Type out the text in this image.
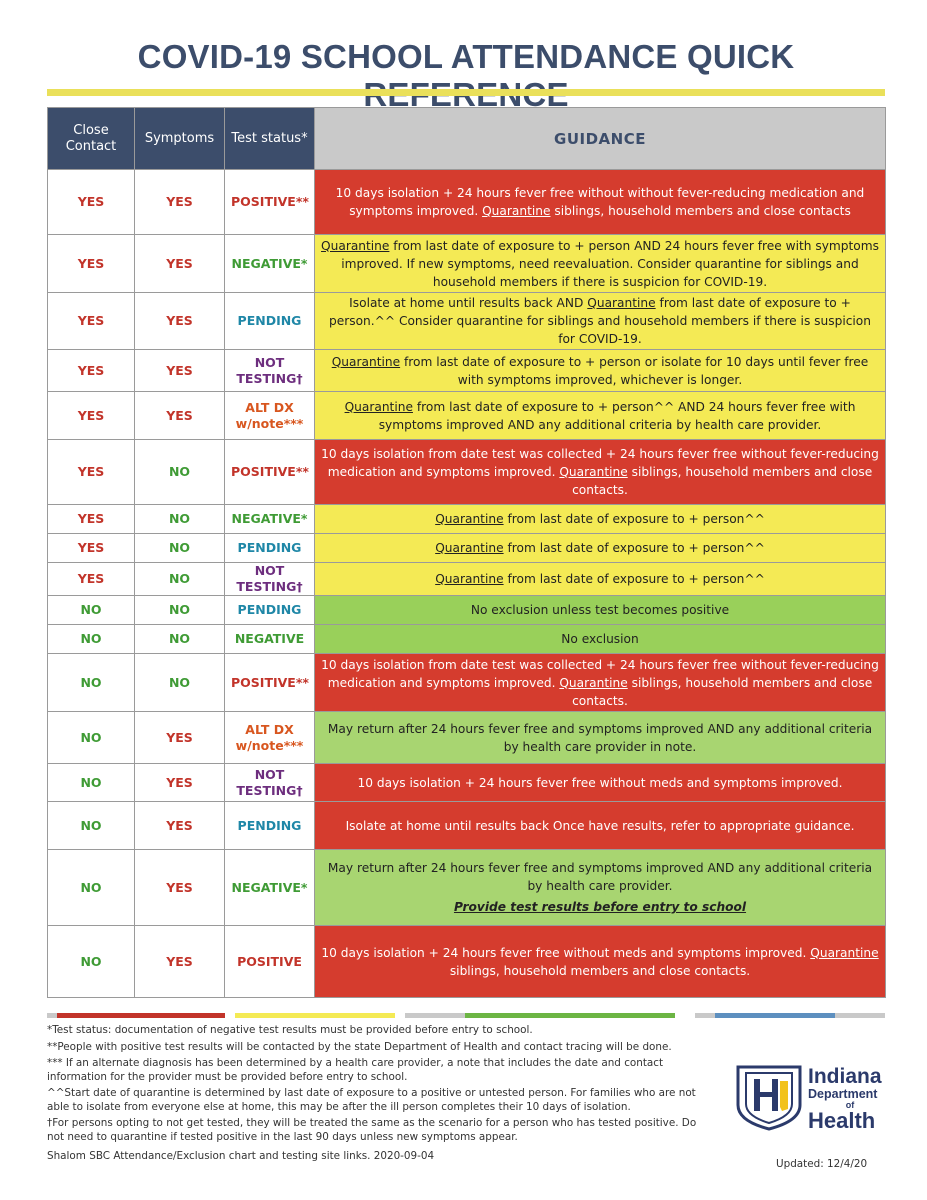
COVID-19 SCHOOL ATTENDANCE QUICK
Close Contact	Symptoms	Test status*	GUIDANCE
YES	YES	POSITIVE**	10 days isolation + 24 hours fever free without without fever-reducing medication and symptoms improved. Quarantine siblings, household members and close contacts
YES	YES	NEGATIVE*	Quarantine from last date of exposure to + person AND 24 hours fever free with symptoms improved. If new symptoms, need reevaluation. Consider quarantine for siblings and household members if there is suspicion for COVID-19.
YES	YES	PENDING	Isolate at home until results back AND Quarantine from last date of exposure to + person.^^ Consider quarantine for siblings and household members if there is suspicion for COVID-19.
YES	YES	NOT TESTING†	Quarantine from last date of exposure to + person or isolate for 10 days until fever free with symptoms improved, whichever is longer.
YES	YES	ALT DX w/note***	Quarantine from last date of exposure to + person^^ AND 24 hours fever free with symptoms improved AND any additional criteria by health care provider.
YES	NO	POSITIVE**	10 days isolation from date test was collected + 24 hours fever free without fever-reducing medication and symptoms improved. Quarantine siblings, household members and close contacts.
YES	NO	NEGATIVE*	Quarantine from last date of exposure to + person^^
YES	NO	PENDING	Quarantine from last date of exposure to + person^^
YES	NO	NOT TESTING†	Quarantine from last date of exposure to + person^^
NO	NO	PENDING	No exclusion unless test becomes positive
NO	NO	NEGATIVE	No exclusion
NO	NO	POSITIVE**	10 days isolation from date test was collected + 24 hours fever free without fever-reducing medication and symptoms improved. Quarantine siblings, household members and close contacts.
NO	YES	ALT DX w/note***	May return after 24 hours fever free and symptoms improved AND any additional criteria by health care provider in note.
NO	YES	NOT TESTING†	10 days isolation + 24 hours fever free without meds and symptoms improved.
NO	YES	PENDING	Isolate at home until results back Once have results, refer to appropriate guidance.
NO	YES	NEGATIVE*	May return after 24 hours fever free and symptoms improved AND any additional criteria by health care provider.
Provide test results before entry to school

NO	YES	POSITIVE	10 days isolation + 24 hours fever free without meds and symptoms improved. Quarantine siblings, household members and close contacts.

*Test status: documentation of negative test results must be provided before entry to school.

**People with positive test results will be contacted by the state Department of Health and contact tracing will be done.

*** If an alternate diagnosis has been determined by a health care provider, a note that includes the date and contact information for the provider must be provided before entry to school.

^^Start date of quarantine is determined by last date of exposure to a positive or untested person. For families who are not able to isolate from everyone else at home, this may be after the ill person completes their 10 days of isolation.

†For persons opting to not get tested, they will be treated the same as the scenario for a person who has tested positive. Do not need to quarantine if tested positive in the last 90 days unless new symptoms appear.

Shalom SBC Attendance/Exclusion chart and testing site links. 2020-09-04
Updated: 12/4/20
Indiana
Department
of
Health
